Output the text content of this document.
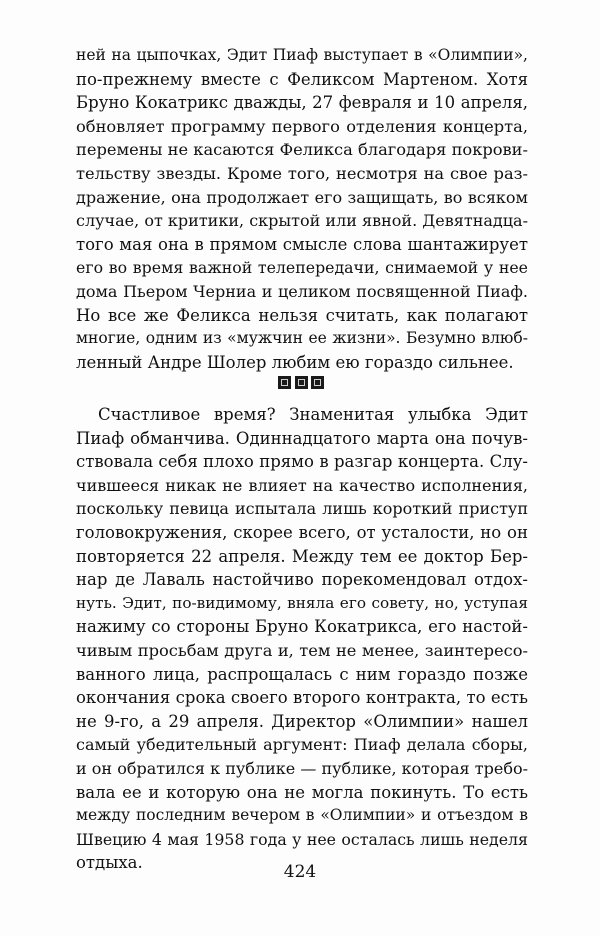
ней на цыпочках, Эдит Пиаф выступает в «Олимпии»,
по-прежнему вместе с Феликсом Мартеном. Хотя
Бруно Кокатрикс дважды, 27 февраля и 10 апреля,
обновляет программу первого отделения концерта,
перемены не касаются Феликса благодаря покрови-
тельству звезды. Кроме того, несмотря на свое раз-
дражение, она продолжает его защищать, во всяком
случае, от критики, скрытой или явной. Девятнадца-
того мая она в прямом смысле слова шантажирует
его во время важной телепередачи, снимаемой у нее
дома Пьером Черниа и целиком посвященной Пиаф.
Но все же Феликса нельзя считать, как полагают
многие, одним из «мужчин ее жизни». Безумно влюб-
ленный Андре Шолер любим ею гораздо сильнее.
Счастливое время? Знаменитая улыбка Эдит
Пиаф обманчива. Одиннадцатого марта она почув-
ствовала себя плохо прямо в разгар концерта. Слу-
чившееся никак не влияет на качество исполнения,
поскольку певица испытала лишь короткий приступ
головокружения, скорее всего, от усталости, но он
повторяется 22 апреля. Между тем ее доктор Бер-
нар де Лаваль настойчиво порекомендовал отдох-
нуть. Эдит, по-видимому, вняла его совету, но, уступая
нажиму со стороны Бруно Кокатрикса, его настой-
чивым просьбам друга и, тем не менее, заинтересо-
ванного лица, распрощалась с ним гораздо позже
окончания срока своего второго контракта, то есть
не 9-го, а 29 апреля. Директор «Олимпии» нашел
самый убедительный аргумент: Пиаф делала сборы,
и он обратился к публике — публике, которая требо-
вала ее и которую она не могла покинуть. То есть
между последним вечером в «Олимпии» и отъездом в
Швецию 4 мая 1958 года у нее осталась лишь неделя
отдыха.	424
